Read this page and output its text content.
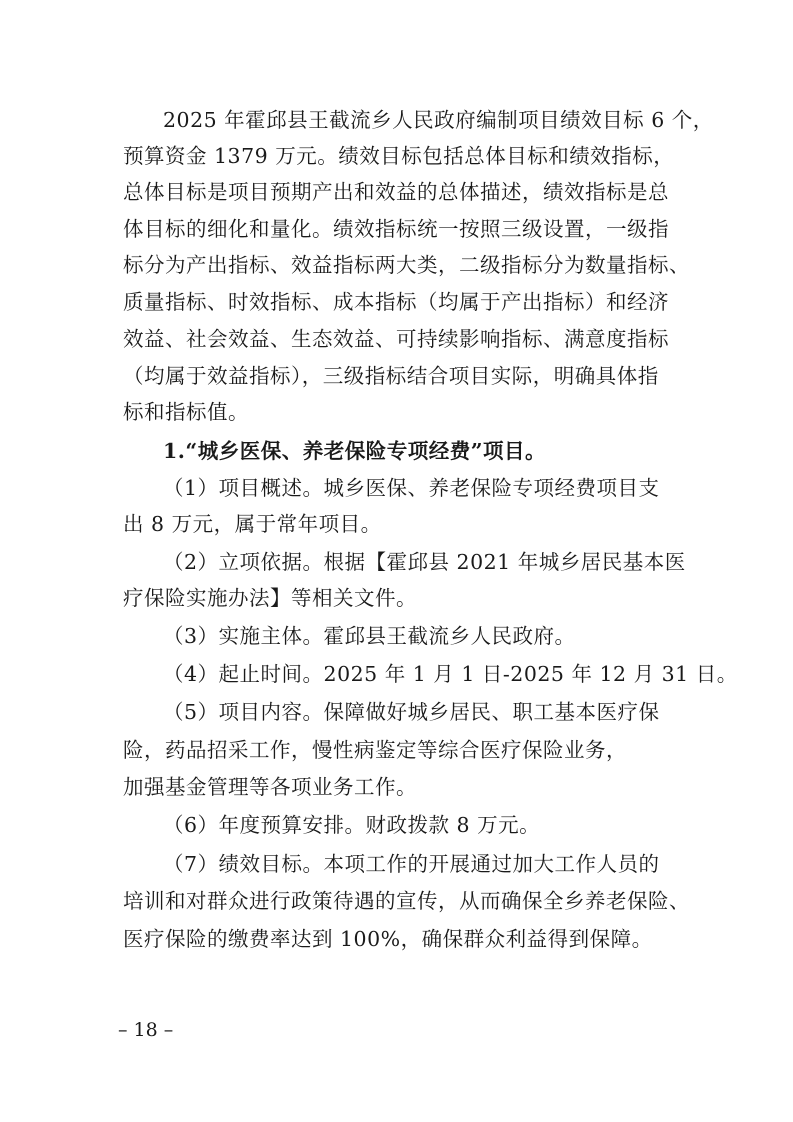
2025 年霍邱县王截流乡人民政府编制项目绩效目标 6 个，
预算资金 1379 万元。绩效目标包括总体目标和绩效指标，
总体目标是项目预期产出和效益的总体描述，绩效指标是总
体目标的细化和量化。绩效指标统一按照三级设置，一级指
标分为产出指标、效益指标两大类，二级指标分为数量指标、
质量指标、时效指标、成本指标（均属于产出指标）和经济
效益、社会效益、生态效益、可持续影响指标、满意度指标
（均属于效益指标），三级指标结合项目实际，明确具体指
标和指标值。
1.“城乡医保、养老保险专项经费”项目。
（1）项目概述。城乡医保、养老保险专项经费项目支
出 8 万元，属于常年项目。
（2）立项依据。根据【霍邱县 2021 年城乡居民基本医
疗保险实施办法】等相关文件。
（3）实施主体。霍邱县王截流乡人民政府。
（4）起止时间。2025 年 1 月 1 日-2025 年 12 月 31 日。
（5）项目内容。保障做好城乡居民、职工基本医疗保
险，药品招采工作，慢性病鉴定等综合医疗保险业务，
加强基金管理等各项业务工作。
（6）年度预算安排。财政拨款 8 万元。
（7）绩效目标。本项工作的开展通过加大工作人员的
培训和对群众进行政策待遇的宣传，从而确保全乡养老保险、
医疗保险的缴费率达到 100%，确保群众利益得到保障。
– 18 –
